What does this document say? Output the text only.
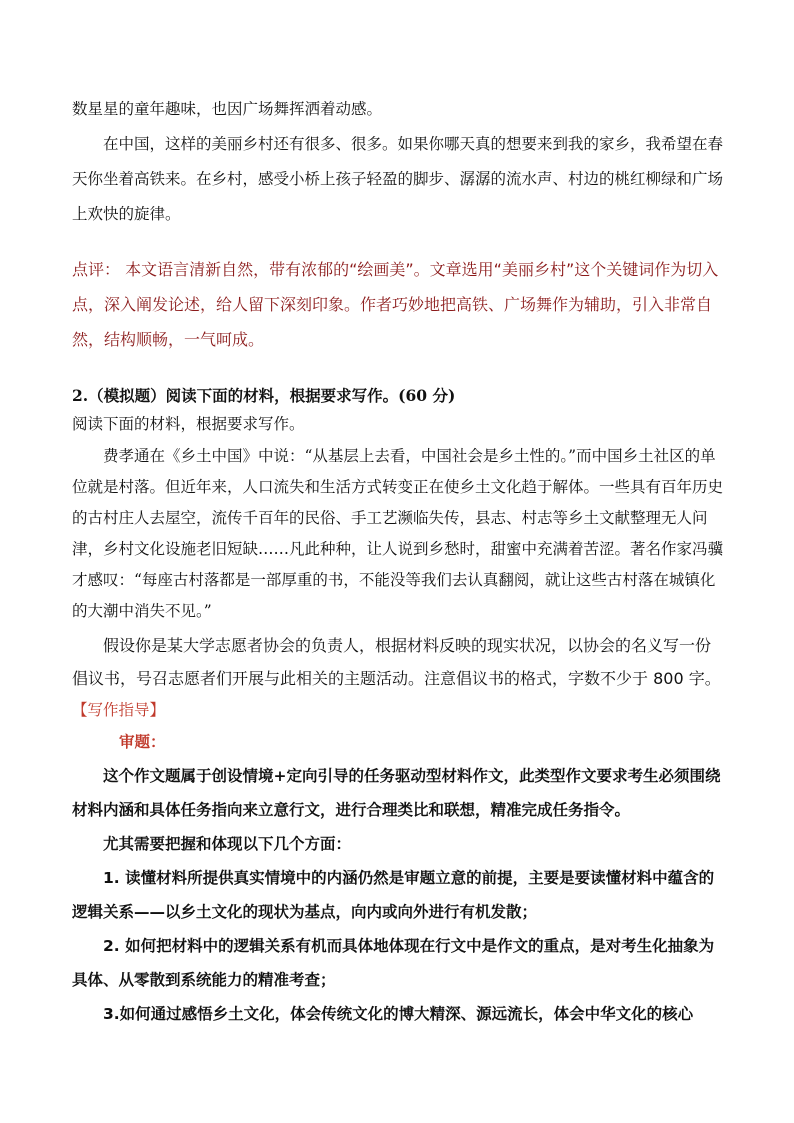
数星星的童年趣味，也因广场舞挥洒着动感。

在中国，这样的美丽乡村还有很多、很多。如果你哪天真的想要来到我的家乡，我希望在春天你坐着高铁来。在乡村，感受小桥上孩子轻盈的脚步、潺潺的流水声、村边的桃红柳绿和广场上欢快的旋律。

点评： 本文语言清新自然，带有浓郁的“绘画美”。文章选用“美丽乡村”这个关键词作为切入点，深入阐发论述，给人留下深刻印象。作者巧妙地把高铁、广场舞作为辅助，引入非常自然，结构顺畅，一气呵成。

2.（模拟题）阅读下面的材料，根据要求写作。(60 分)

阅读下面的材料，根据要求写作。

费孝通在《乡土中国》中说：“从基层上去看，中国社会是乡土性的。”而中国乡土社区的单位就是村落。但近年来，人口流失和生活方式转变正在使乡土文化趋于解体。一些具有百年历史的古村庄人去屋空，流传千百年的民俗、手工艺濒临失传，县志、村志等乡土文献整理无人问津，乡村文化设施老旧短缺……凡此种种，让人说到乡愁时，甜蜜中充满着苦涩。著名作家冯骥才感叹：“每座古村落都是一部厚重的书，不能没等我们去认真翻阅，就让这些古村落在城镇化的大潮中消失不见。”

假设你是某大学志愿者协会的负责人，根据材料反映的现实状况，以协会的名义写一份倡议书，号召志愿者们开展与此相关的主题活动。注意倡议书的格式，字数不少于 800 字。

【写作指导】

审题：

这个作文题属于创设情境+定向引导的任务驱动型材料作文，此类型作文要求考生必须围绕材料内涵和具体任务指向来立意行文，进行合理类比和联想，精准完成任务指令。

尤其需要把握和体现以下几个方面：

1. 读懂材料所提供真实情境中的内涵仍然是审题立意的前提，主要是要读懂材料中蕴含的逻辑关系——以乡土文化的现状为基点，向内或向外进行有机发散；

2. 如何把材料中的逻辑关系有机而具体地体现在行文中是作文的重点，是对考生化抽象为具体、从零散到系统能力的精准考查；

3.如何通过感悟乡土文化，体会传统文化的博大精深、源远流长，体会中华文化的核心
